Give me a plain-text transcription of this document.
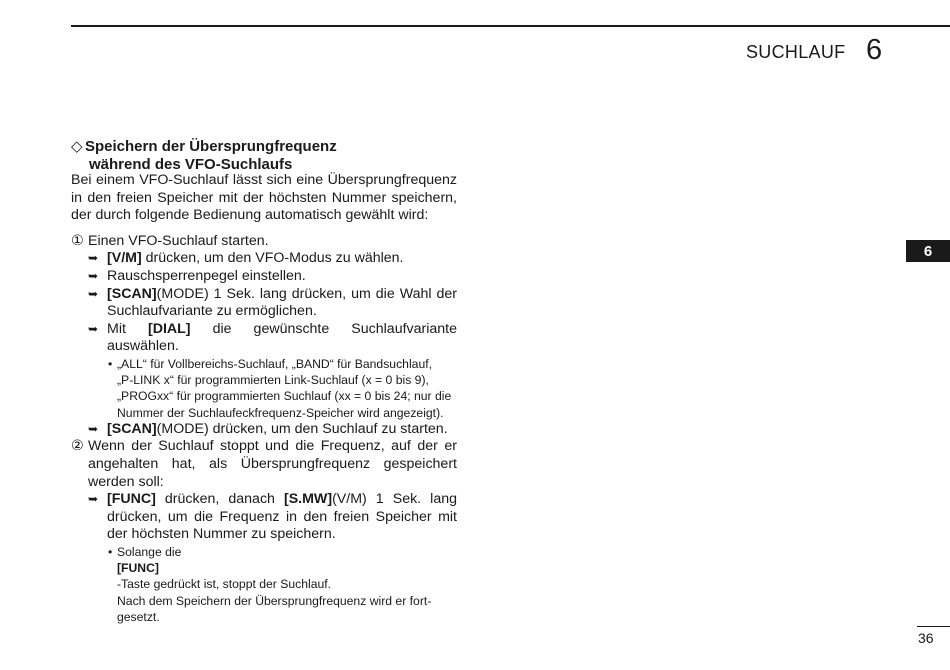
SUCHLAUF 6
6
◇ Speichern der Übersprungfrequenz
während des VFO-Suchlaufs
Bei einem VFO-Suchlauf lässt sich eine Übersprungfrequenz in den freien Speicher mit der höchsten Nummer speichern, der durch folgende Bedienung automatisch gewählt wird:
① Einen VFO-Suchlauf starten.
➥ [V/M] drücken, um den VFO-Modus zu wählen.
➥ Rauschsperrenpegel einstellen.
➥ [SCAN](MODE) 1 Sek. lang drücken, um die Wahl der Suchlaufvariante zu ermöglichen.
➥ Mit [DIAL] die gewünschte Suchlaufvariante auswählen.
• „ALL“ für Vollbereichs-Suchlauf, „BAND“ für Bandsuchlauf,
„P-LINK x“ für programmierten Link-Suchlauf (x = 0 bis 9),
„PROGxx“ für programmierten Suchlauf (xx = 0 bis 24; nur die
Nummer der Suchlaufeckfrequenz-Speicher wird angezeigt).
➥ [SCAN](MODE) drücken, um den Suchlauf zu starten.
② Wenn der Suchlauf stoppt und die Frequenz, auf der er angehalten hat, als Übersprungfrequenz gespeichert werden soll:
➥ [FUNC] drücken, danach [S.MW](V/M) 1 Sek. lang drücken, um die Frequenz in den freien Speicher mit der höchsten Nummer zu speichern.
• Solange die
[FUNC]
-Taste gedrückt ist, stoppt der Suchlauf.
Nach dem Speichern der Übersprungfrequenz wird er fort-
gesetzt.
36
